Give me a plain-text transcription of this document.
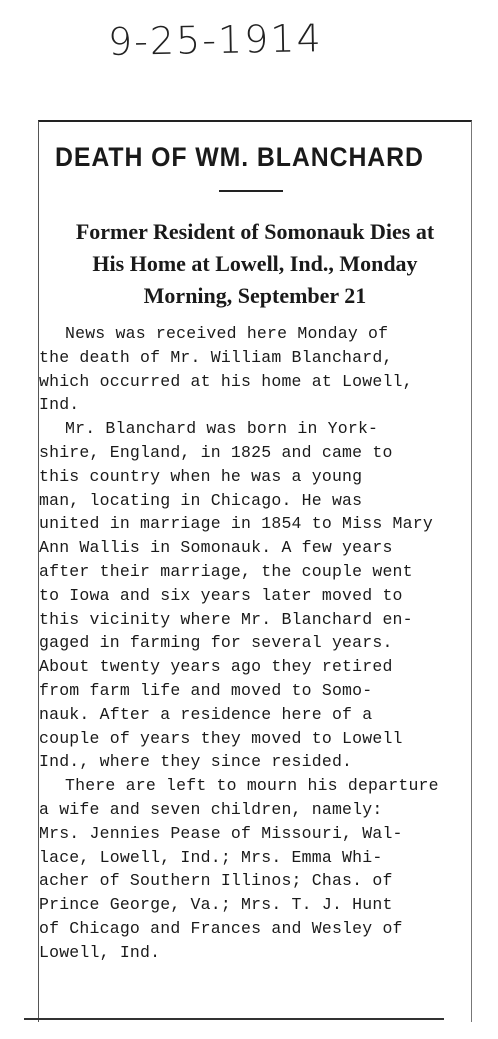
9-25-1914
DEATH OF WM. BLANCHARD
Former Resident of Somonauk Dies at
His Home at Lowell, Ind., Monday
Morning, September 21
News was received here Monday of
the death of Mr. William Blanchard,
which occurred at his home at Lowell,
Ind.
Mr. Blanchard was born in York-
shire, England, in 1825 and came to
this country when he was a young
man, locating in Chicago. He was
united in marriage in 1854 to Miss Mary
Ann Wallis in Somonauk. A few years
after their marriage, the couple went
to Iowa and six years later moved to
this vicinity where Mr. Blanchard en-
gaged in farming for several years.
About twenty years ago they retired
from farm life and moved to Somo-
nauk. After a residence here of a
couple of years they moved to Lowell
Ind., where they since resided.
There are left to mourn his departure
a wife and seven children, namely:
Mrs. Jennies Pease of Missouri, Wal-
lace, Lowell, Ind.; Mrs. Emma Whi-
acher of Southern Illinos; Chas. of
Prince George, Va.; Mrs. T. J. Hunt
of Chicago and Frances and Wesley of
Lowell, Ind.
